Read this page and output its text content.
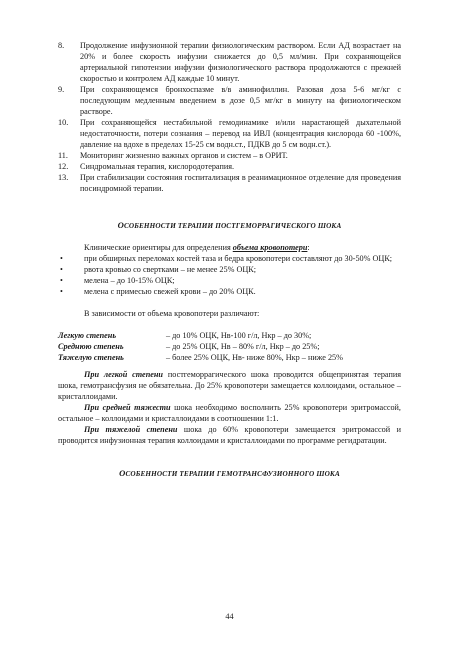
8. Продолжение инфузионной терапии физиологическим раствором. Если АД возрастает на 20% и более скорость инфузии снижается до 0,5 мл/мин. При сохраняющейся артериальной гипотензии инфузии физиологического раствора продолжаются с прежней скоростью и контролем АД каждые 10 минут.
9. При сохраняющемся бронхоспазме в/в аминофиллин. Разовая доза 5-6 мг/кг с последующим медленным введением в дозе 0,5 мг/кг в минуту на физиологическом растворе.
10. При сохраняющейся нестабильной гемодинамике и/или нарастающей дыхательной недостаточности, потери сознания – перевод на ИВЛ (концентрация кислорода 60 -100%, давление на вдохе в пределах 15-25 см водн.ст., ПДКВ до 5 см водн.ст.).
11. Мониторинг жизненно важных органов и систем – в ОРИТ.
12. Синдромальная терапия, кислородотерапия.
13. При стабилизации состояния госпитализация в реанимационное отделение для проведения посиндромной терапии.
ОСОБЕННОСТИ ТЕРАПИИ ПОСТГЕМОРРАГИЧЕСКОГО ШОКА
Клинические ориентиры для определения объема кровопотери:
•	при обширных переломах костей таза и бедра кровопотери составляют до 30-50% ОЦК;
•	рвота кровью со свертками – не менее 25% ОЦК;
•	мелена – до 10-15% ОЦК;
•	мелена с примесью свежей крови – до 20% ОЦК.
В зависимости от объема кровопотери различают:
Легкую степень	– до 10% ОЦК, Нв-100 г/л, Нкр – до 30%;
Среднюю степень	– до 25% ОЦК, Нв – 80% г/л, Нкр – до 25%;
Тяжелую степень	– более 25% ОЦК, Нв- ниже 80%, Нкр – ниже 25%

При легкой степени постгеморрагического шока проводится общепринятая терапия шока, гемотрансфузия не обязательна. До 25% кровопотери замещается коллоидами, остальное – кристаллоидами.

При средней тяжести шока необходимо восполнить 25% кровопотери эритромассой, остальное – коллоидами и кристаллоидами в соотношении 1:1.

При тяжелой степени шока до 60% кровопотери замещается эритромассой и проводится инфузионная терапия коллоидами и кристаллоидами по программе регидратации.

ОСОБЕННОСТИ ТЕРАПИИ ГЕМОТРАНСФУЗИОННОГО ШОКА
44
